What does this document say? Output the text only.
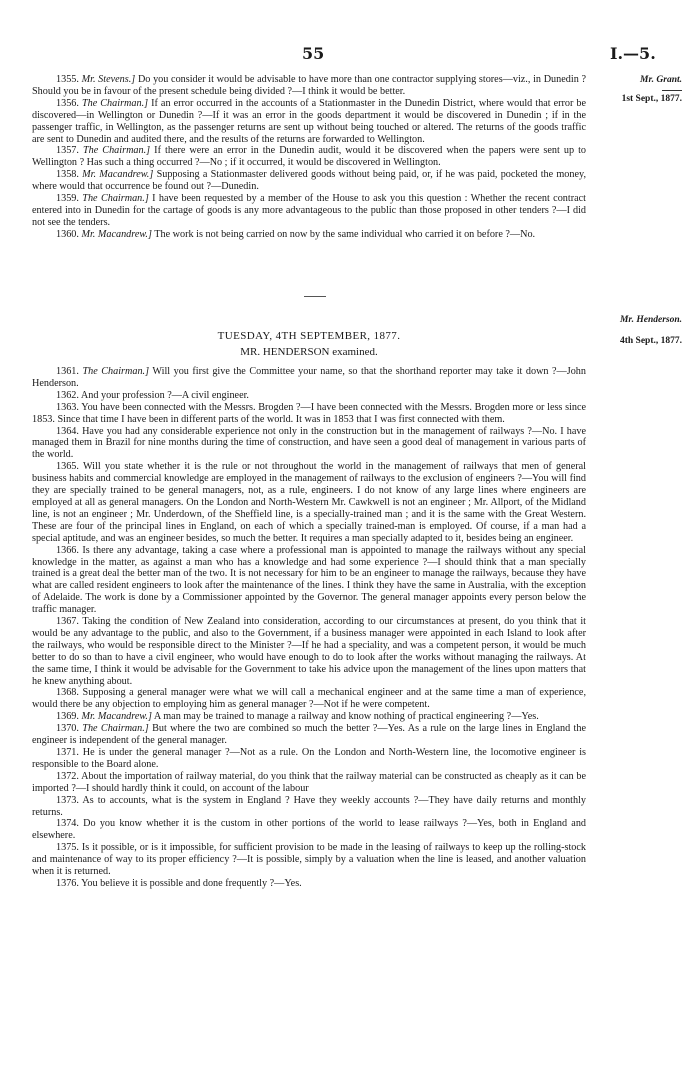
55	I.—5.
Mr. Grant.
1st Sept., 1877.
Mr. Henderson.
4th Sept., 1877.

1355. Mr. Stevens.] Do you consider it would be advisable to have more than one contractor supplying stores—viz., in Dunedin ? Should you be in favour of the present schedule being divided ?—I think it would be better.

1356. The Chairman.] If an error occurred in the accounts of a Stationmaster in the Dunedin District, where would that error be discovered—in Wellington or Dunedin ?—If it was an error in the goods department it would be discovered in Dunedin ; if in the passenger traffic, in Wellington, as the passenger returns are sent up without being touched or altered. The returns of the goods traffic are sent to Dunedin and audited there, and the results of the returns are forwarded to Wellington.

1357. The Chairman.] If there were an error in the Dunedin audit, would it be discovered when the papers were sent up to Wellington ? Has such a thing occurred ?—No ; if it occurred, it would be discovered in Wellington.

1358. Mr. Macandrew.] Supposing a Stationmaster delivered goods without being paid, or, if he was paid, pocketed the money, where would that occurrence be found out ?—Dunedin.

1359. The Chairman.] I have been requested by a member of the House to ask you this question : Whether the recent contract entered into in Dunedin for the cartage of goods is any more advantageous to the public than those proposed in other tenders ?—I did not see the tenders.

1360. Mr. Macandrew.] The work is not being carried on now by the same individual who carried it on before ?—No.

TUESDAY, 4TH SEPTEMBER, 1877.
MR. HENDERSON examined.

1361. The Chairman.] Will you first give the Committee your name, so that the shorthand reporter may take it down ?—John Henderson.

1362. And your profession ?—A civil engineer.

1363. You have been connected with the Messrs. Brogden ?—I have been connected with the Messrs. Brogden more or less since 1853. Since that time I have been in different parts of the world. It was in 1853 that I was first connected with them.

1364. Have you had any considerable experience not only in the construction but in the management of railways ?—No. I have managed them in Brazil for nine months during the time of construction, and have seen a good deal of management in various parts of the world.

1365. Will you state whether it is the rule or not throughout the world in the management of railways that men of general business habits and commercial knowledge are employed in the management of railways to the exclusion of engineers ?—You will find they are specially trained to be general managers, not, as a rule, engineers. I do not know of any large lines where engineers are employed at all as general managers. On the London and North-Western Mr. Cawkwell is not an engineer ; Mr. Allport, of the Midland line, is not an engineer ; Mr. Underdown, of the Sheffield line, is a specially-trained man ; and it is the same with the Great Western. These are four of the principal lines in England, on each of which a specially trained-man is employed. Of course, if a man had a special aptitude, and was an engineer besides, so much the better. It requires a man specially adapted to it, besides being an engineer.

1366. Is there any advantage, taking a case where a professional man is appointed to manage the railways without any special knowledge in the matter, as against a man who has a knowledge and had some experience ?—I should think that a man specially trained is a great deal the better man of the two. It is not necessary for him to be an engineer to manage the railways, because they have what are called resident engineers to look after the maintenance of the lines. I think they have the same in Australia, with the exception of Adelaide. The work is done by a Commissioner appointed by the Governor. The general manager appoints every person below the traffic manager.

1367. Taking the condition of New Zealand into consideration, according to our circumstances at present, do you think that it would be any advantage to the public, and also to the Government, if a business manager were appointed in each Island to look after the railways, who would be responsible direct to the Minister ?—If he had a speciality, and was a competent person, it would be much better to do so than to have a civil engineer, who would have enough to do to look after the works without managing the railways. At the same time, I think it would be advisable for the Government to take his advice upon the management of the lines upon matters that he knew anything about.

1368. Supposing a general manager were what we will call a mechanical engineer and at the same time a man of experience, would there be any objection to employing him as general manager ?—Not if he were competent.

1369. Mr. Macandrew.] A man may be trained to manage a railway and know nothing of practical engineering ?—Yes.

1370. The Chairman.] But where the two are combined so much the better ?—Yes. As a rule on the large lines in England the engineer is independent of the general manager.

1371. He is under the general manager ?—Not as a rule. On the London and North-Western line, the locomotive engineer is responsible to the Board alone.

1372. About the importation of railway material, do you think that the railway material can be constructed as cheaply as it can be imported ?—I should hardly think it could, on account of the labour

1373. As to accounts, what is the system in England ? Have they weekly accounts ?—They have daily returns and monthly returns.

1374. Do you know whether it is the custom in other portions of the world to lease railways ?—Yes, both in England and elsewhere.

1375. Is it possible, or is it impossible, for sufficient provision to be made in the leasing of railways to keep up the rolling-stock and maintenance of way to its proper efficiency ?—It is possible, simply by a valuation when the line is leased, and another valuation when it is returned.

1376. You believe it is possible and done frequently ?—Yes.
